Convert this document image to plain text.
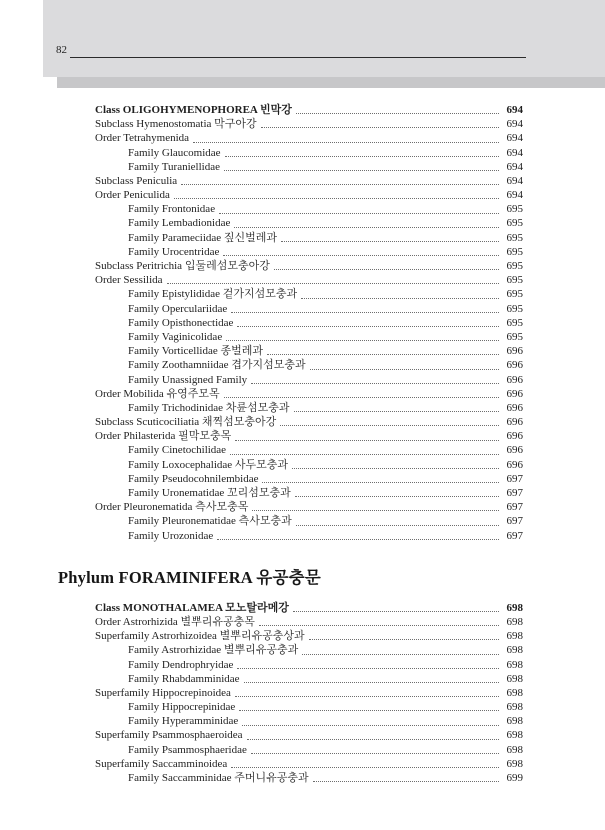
82
Class OLIGOHYMENOPHOREA 빈막강	694
Subclass Hymenostomatia 막구아강	694
Order Tetrahymenida	694
Family Glaucomidae	694
Family Turaniellidae	694
Subclass Peniculia	694
Order Peniculida	694
Family Frontonidae	695
Family Lembadionidae	695
Family Parameciidae 짚신벌레과	695
Family Urocentridae	695
Subclass Peritrichia 입둘레섬모충아강	695
Order Sessilida	695
Family Epistylididae 겉가지섬모충과	695
Family Operculariidae	695
Family Opisthonectidae	695
Family Vaginicolidae	695
Family Vorticellidae 종벌레과	696
Family Zoothamniidae 겹가지섬모충과	696
Family Unassigned Family	696
Order Mobilida 유영주모목	696
Family Trichodinidae 차륜섬모충과	696
Subclass Scuticociliatia 채찍섬모충아강	696
Order Philasterida 필막모충목	696
Family Cinetochilidae	696
Family Loxocephalidae 사두모충과	696
Family Pseudocohnilembidae	697
Family Uronematidae 꼬리섬모충과	697
Order Pleuronematida 측사모충목	697
Family Pleuronematidae 측사모충과	697
Family Urozonidae	697
Phylum FORAMINIFERA 유공충문
Class MONOTHALAMEA 모노탈라메강	698
Order Astrorhizida 별뿌리유공충목	698
Superfamily Astrorhizoidea 별뿌리유공충상과	698
Family Astrorhizidae 별뿌리유공충과	698
Family Dendrophryidae	698
Family Rhabdamminidae	698
Superfamily Hippocrepinoidea	698
Family Hippocrepinidae	698
Family Hyperamminidae	698
Superfamily Psammosphaeroidea	698
Family Psammosphaeridae	698
Superfamily Saccamminoidea	698
Family Saccamminidae 주머니유공충과	699
